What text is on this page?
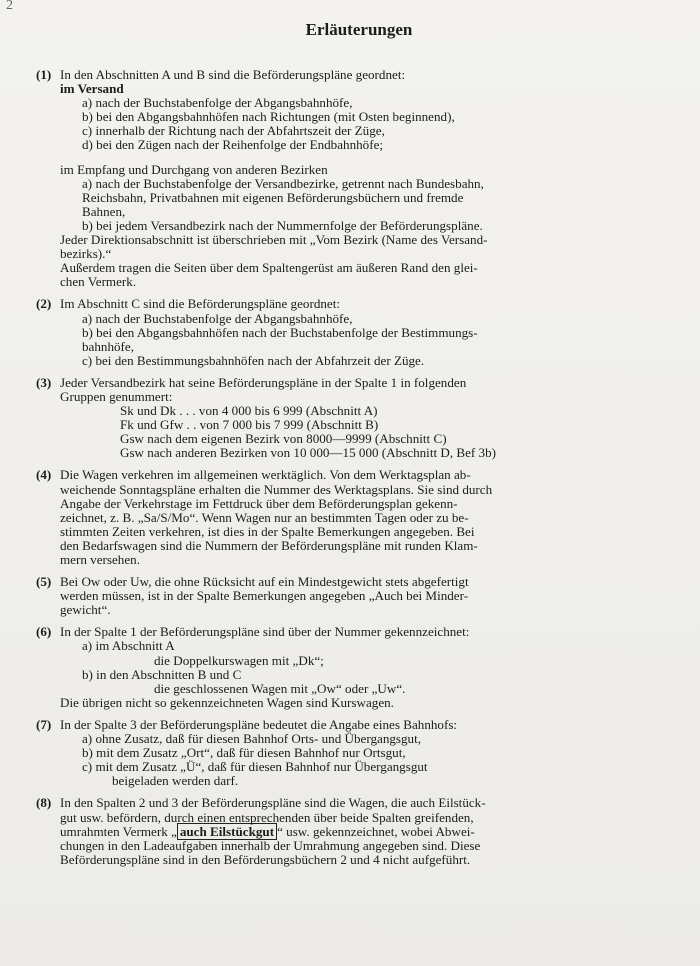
2
Erläuterungen
(1) In den Abschnitten A und B sind die Beförderungspläne geordnet:
im Versand
a) nach der Buchstabenfolge der Abgangsbahnhöfe,
b) bei den Abgangsbahnhöfen nach Richtungen (mit Osten beginnend),
c) innerhalb der Richtung nach der Abfahrtszeit der Züge,
d) bei den Zügen nach der Reihenfolge der Endbahnhöfe;
im Empfang und Durchgang von anderen Bezirken
a) nach der Buchstabenfolge der Versandbezirke, getrennt nach Bundesbahn,
Reichsbahn, Privatbahnen mit eigenen Beförderungsbüchern und fremde
Bahnen,
b) bei jedem Versandbezirk nach der Nummernfolge der Beförderungspläne.
Jeder Direktionsabschnitt ist überschrieben mit „Vom Bezirk (Name des Versand-
bezirks).“
Außerdem tragen die Seiten über dem Spaltengerüst am äußeren Rand den glei-
chen Vermerk.
(2) Im Abschnitt C sind die Beförderungspläne geordnet:
a) nach der Buchstabenfolge der Abgangsbahnhöfe,
b) bei den Abgangsbahnhöfen nach der Buchstabenfolge der Bestimmungs-
bahnhöfe,
c) bei den Bestimmungsbahnhöfen nach der Abfahrzeit der Züge.
(3) Jeder Versandbezirk hat seine Beförderungspläne in der Spalte 1 in folgenden
Gruppen genummert:
Sk und Dk . . . von 4 000 bis 6 999 (Abschnitt A)
Fk und Gfw . . von 7 000 bis 7 999 (Abschnitt B)
Gsw nach dem eigenen Bezirk von 8000—9999 (Abschnitt C)
Gsw nach anderen Bezirken von 10 000—15 000 (Abschnitt D, Bef 3b)
(4) Die Wagen verkehren im allgemeinen werktäglich. Von dem Werktagsplan ab-
weichende Sonntagspläne erhalten die Nummer des Werktagsplans. Sie sind durch
Angabe der Verkehrstage im Fettdruck über dem Beförderungsplan gekenn-
zeichnet, z. B. „Sa/S/Mo“. Wenn Wagen nur an bestimmten Tagen oder zu be-
stimmten Zeiten verkehren, ist dies in der Spalte Bemerkungen angegeben. Bei
den Bedarfswagen sind die Nummern der Beförderungspläne mit runden Klam-
mern versehen.
(5) Bei Ow oder Uw, die ohne Rücksicht auf ein Mindestgewicht stets abgefertigt
werden müssen, ist in der Spalte Bemerkungen angegeben „Auch bei Minder-
gewicht“.
(6) In der Spalte 1 der Beförderungspläne sind über der Nummer gekennzeichnet:
a) im Abschnitt A
die Doppelkurswagen mit „Dk“;
b) in den Abschnitten B und C
die geschlossenen Wagen mit „Ow“ oder „Uw“.
Die übrigen nicht so gekennzeichneten Wagen sind Kurswagen.
(7) In der Spalte 3 der Beförderungspläne bedeutet die Angabe eines Bahnhofs:
a) ohne Zusatz, daß für diesen Bahnhof Orts- und Übergangsgut,
b) mit dem Zusatz „Ort“, daß für diesen Bahnhof nur Ortsgut,
c) mit dem Zusatz „Ü“, daß für diesen Bahnhof nur Übergangsgut
beigeladen werden darf.
(8) In den Spalten 2 und 3 der Beförderungspläne sind die Wagen, die auch Eilstück-
gut usw. befördern, durch einen entsprechenden über beide Spalten greifenden,
umrahmten Vermerk „ auch Eilstückgut “ usw. gekennzeichnet, wobei Abwei-
chungen in den Ladeaufgaben innerhalb der Umrahmung angegeben sind. Diese
Beförderungspläne sind in den Beförderungsbüchern 2 und 4 nicht aufgeführt.
